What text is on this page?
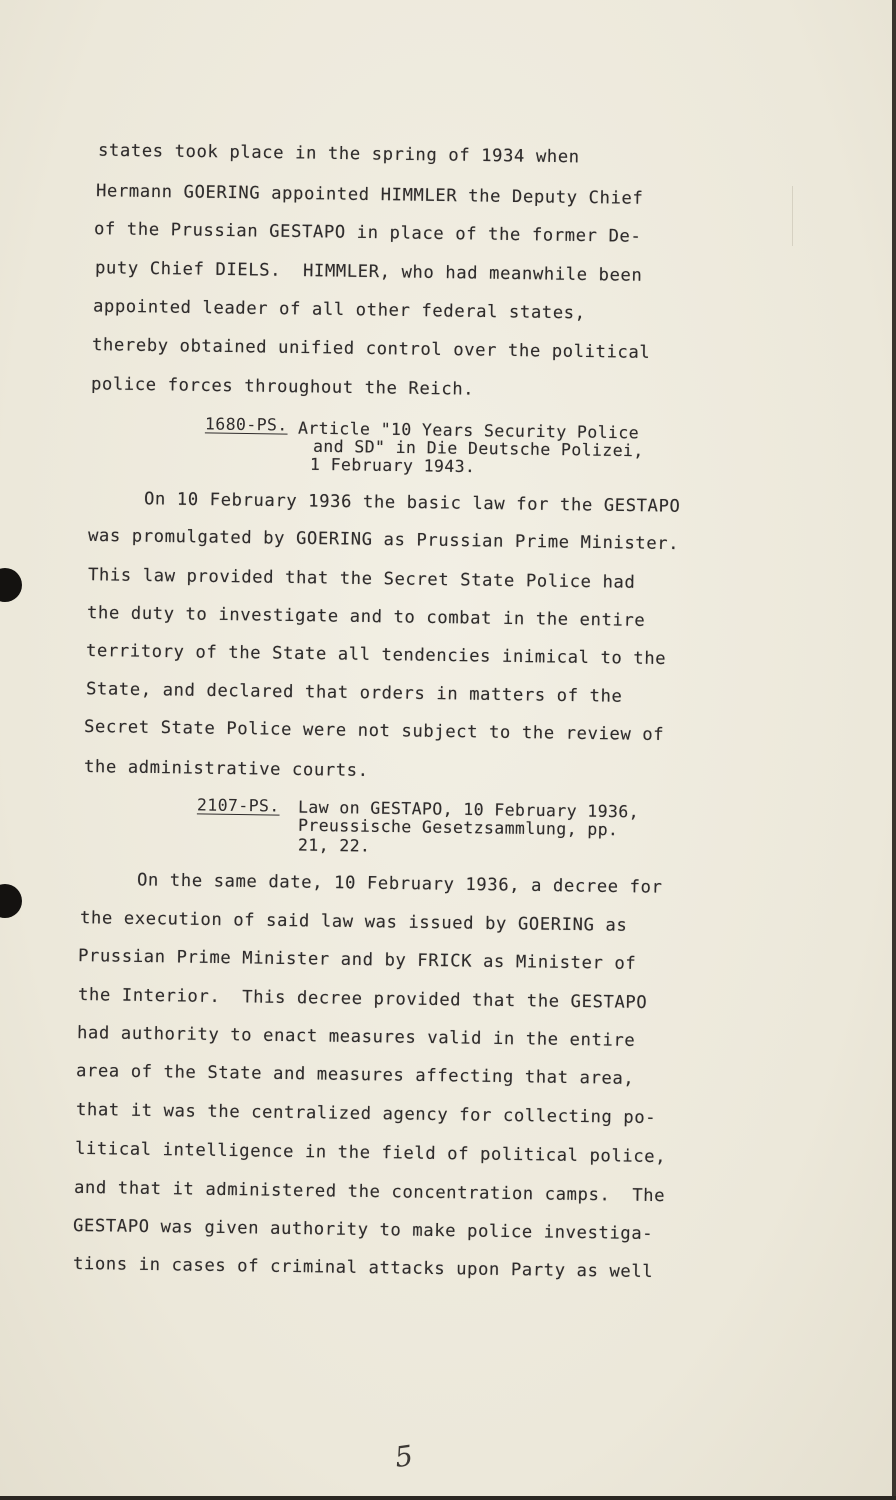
states took place in the spring of 1934 when

Hermann GOERING appointed HIMMLER the Deputy Chief

of the Prussian GESTAPO in place of the former De-

puty Chief DIELS.  HIMMLER, who had meanwhile been

appointed leader of all other federal states,

thereby obtained unified control over the political

police forces throughout the Reich.

1680-PS. Article "10 Years Security Police

and SD" in Die Deutsche Polizei,

1 February 1943.

On 10 February 1936 the basic law for the GESTAPO

was promulgated by GOERING as Prussian Prime Minister.

This law provided that the Secret State Police had

the duty to investigate and to combat in the entire

territory of the State all tendencies inimical to the

State, and declared that orders in matters of the

Secret State Police were not subject to the review of

the administrative courts.

2107-PS. Law on GESTAPO, 10 February 1936,

Preussische Gesetzsammlung, pp.

21, 22.

On the same date, 10 February 1936, a decree for

the execution of said law was issued by GOERING as

Prussian Prime Minister and by FRICK as Minister of

the Interior.  This decree provided that the GESTAPO

had authority to enact measures valid in the entire

area of the State and measures affecting that area,

that it was the centralized agency for collecting po-

litical intelligence in the field of political police,

and that it administered the concentration camps.  The

GESTAPO was given authority to make police investiga-

tions in cases of criminal attacks upon Party as well

5
